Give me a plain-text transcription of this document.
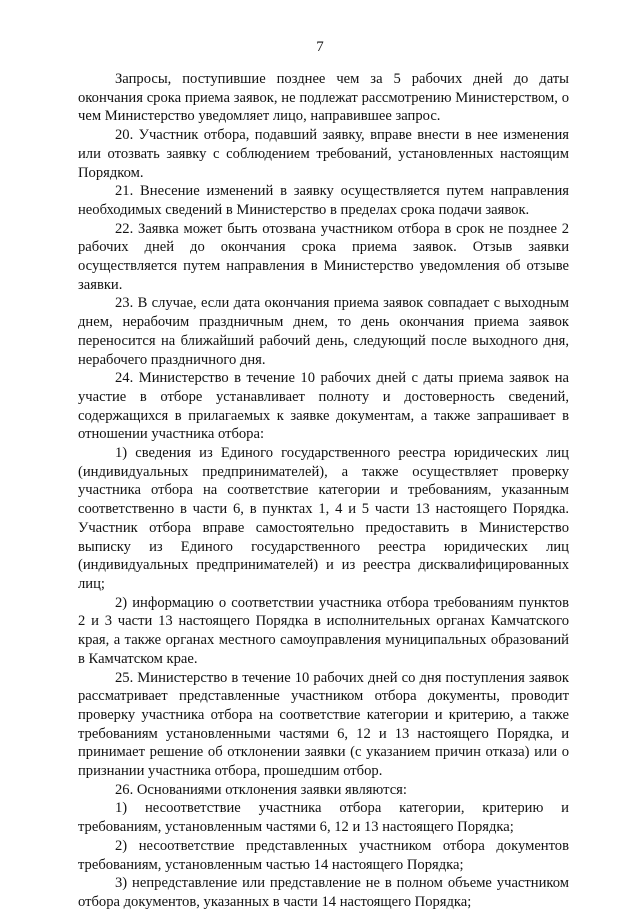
7

Запросы, поступившие позднее чем за 5 рабочих дней до даты окончания срока приема заявок, не подлежат рассмотрению Министерством, о чем Министерство уведомляет лицо, направившее запрос.

20. Участник отбора, подавший заявку, вправе внести в нее изменения или отозвать заявку с соблюдением требований, установленных настоящим Порядком.

21. Внесение изменений в заявку осуществляется путем направления необходимых сведений в Министерство в пределах срока подачи заявок.

22. Заявка может быть отозвана участником отбора в срок не позднее 2 рабочих дней до окончания срока приема заявок. Отзыв заявки осуществляется путем направления в Министерство уведомления об отзыве заявки.

23. В случае, если дата окончания приема заявок совпадает с выходным днем, нерабочим праздничным днем, то день окончания приема заявок переносится на ближайший рабочий день, следующий после выходного дня, нерабочего праздничного дня.

24. Министерство в течение 10 рабочих дней с даты приема заявок на участие в отборе устанавливает полноту и достоверность сведений, содержащихся в прилагаемых к заявке документам, а также запрашивает в отношении участника отбора:

1) сведения из Единого государственного реестра юридических лиц (индивидуальных предпринимателей), а также осуществляет проверку участника отбора на соответствие категории и требованиям, указанным соответственно в части 6, в пунктах 1, 4 и 5 части 13 настоящего Порядка. Участник отбора вправе самостоятельно предоставить в Министерство выписку из Единого государственного реестра юридических лиц (индивидуальных предпринимателей) и из реестра дисквалифицированных лиц;

2) информацию о соответствии участника отбора требованиям пунктов 2 и 3 части 13 настоящего Порядка в исполнительных органах Камчатского края, а также органах местного самоуправления муниципальных образований в Камчатском крае.

25. Министерство в течение 10 рабочих дней со дня поступления заявок рассматривает представленные участником отбора документы, проводит проверку участника отбора на соответствие категории и критерию, а также требованиям установленными частями 6, 12 и 13 настоящего Порядка, и принимает решение об отклонении заявки (с указанием причин отказа) или о признании участника отбора, прошедшим отбор.

26. Основаниями отклонения заявки являются:

1) несоответствие участника отбора категории, критерию и требованиям, установленным частями 6, 12 и 13 настоящего Порядка;

2) несоответствие представленных участником отбора документов требованиям, установленным частью 14 настоящего Порядка;

3) непредставление или представление не в полном объеме участником отбора документов, указанных в части 14 настоящего Порядка;
